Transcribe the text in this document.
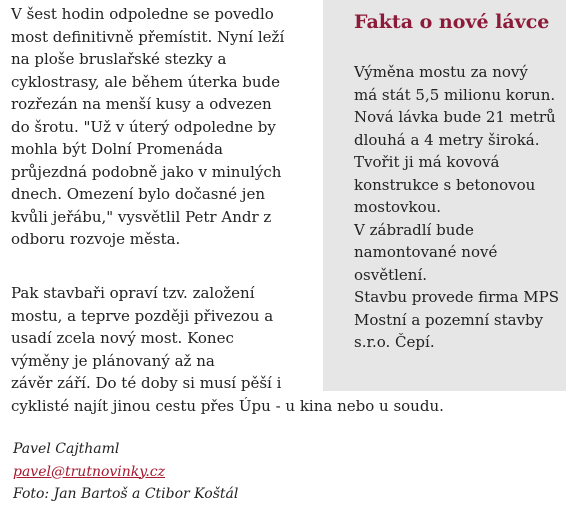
Fakta o nové lávce
Výměna mostu za nový
má stát 5,5 milionu korun.
Nová lávka bude 21 metrů
dlouhá a 4 metry široká.
Tvořit ji má kovová
konstrukce s betonovou
mostovkou.
V zábradlí bude
namontované nové
osvětlení.
Stavbu provede firma MPS
Mostní a pozemní stavby
s.r.o. Čepí.
V šest hodin odpoledne se povedlo
most definitivně přemístit. Nyní leží
na ploše bruslařské stezky a
cyklostrasy, ale během úterka bude
rozřezán na menší kusy a odvezen
do šrotu. "Už v úterý odpoledne by
mohla být Dolní Promenáda
průjezdná podobně jako v minulých
dnech. Omezení bylo dočasné jen
kvůli jeřábu," vysvětlil Petr Andr z
odboru rozvoje města.
Pak stavbaři opraví tzv. založení
mostu, a teprve později přivezou a
usadí zcela nový most. Konec
výměny je plánovaný až na
závěr září. Do té doby si musí pěší i
cyklisté najít jinou cestu přes Úpu - u kina nebo u soudu.
Pavel Cajthaml
pavel@trutnovinky.cz
Foto: Jan Bartoš a Ctibor Koštál
